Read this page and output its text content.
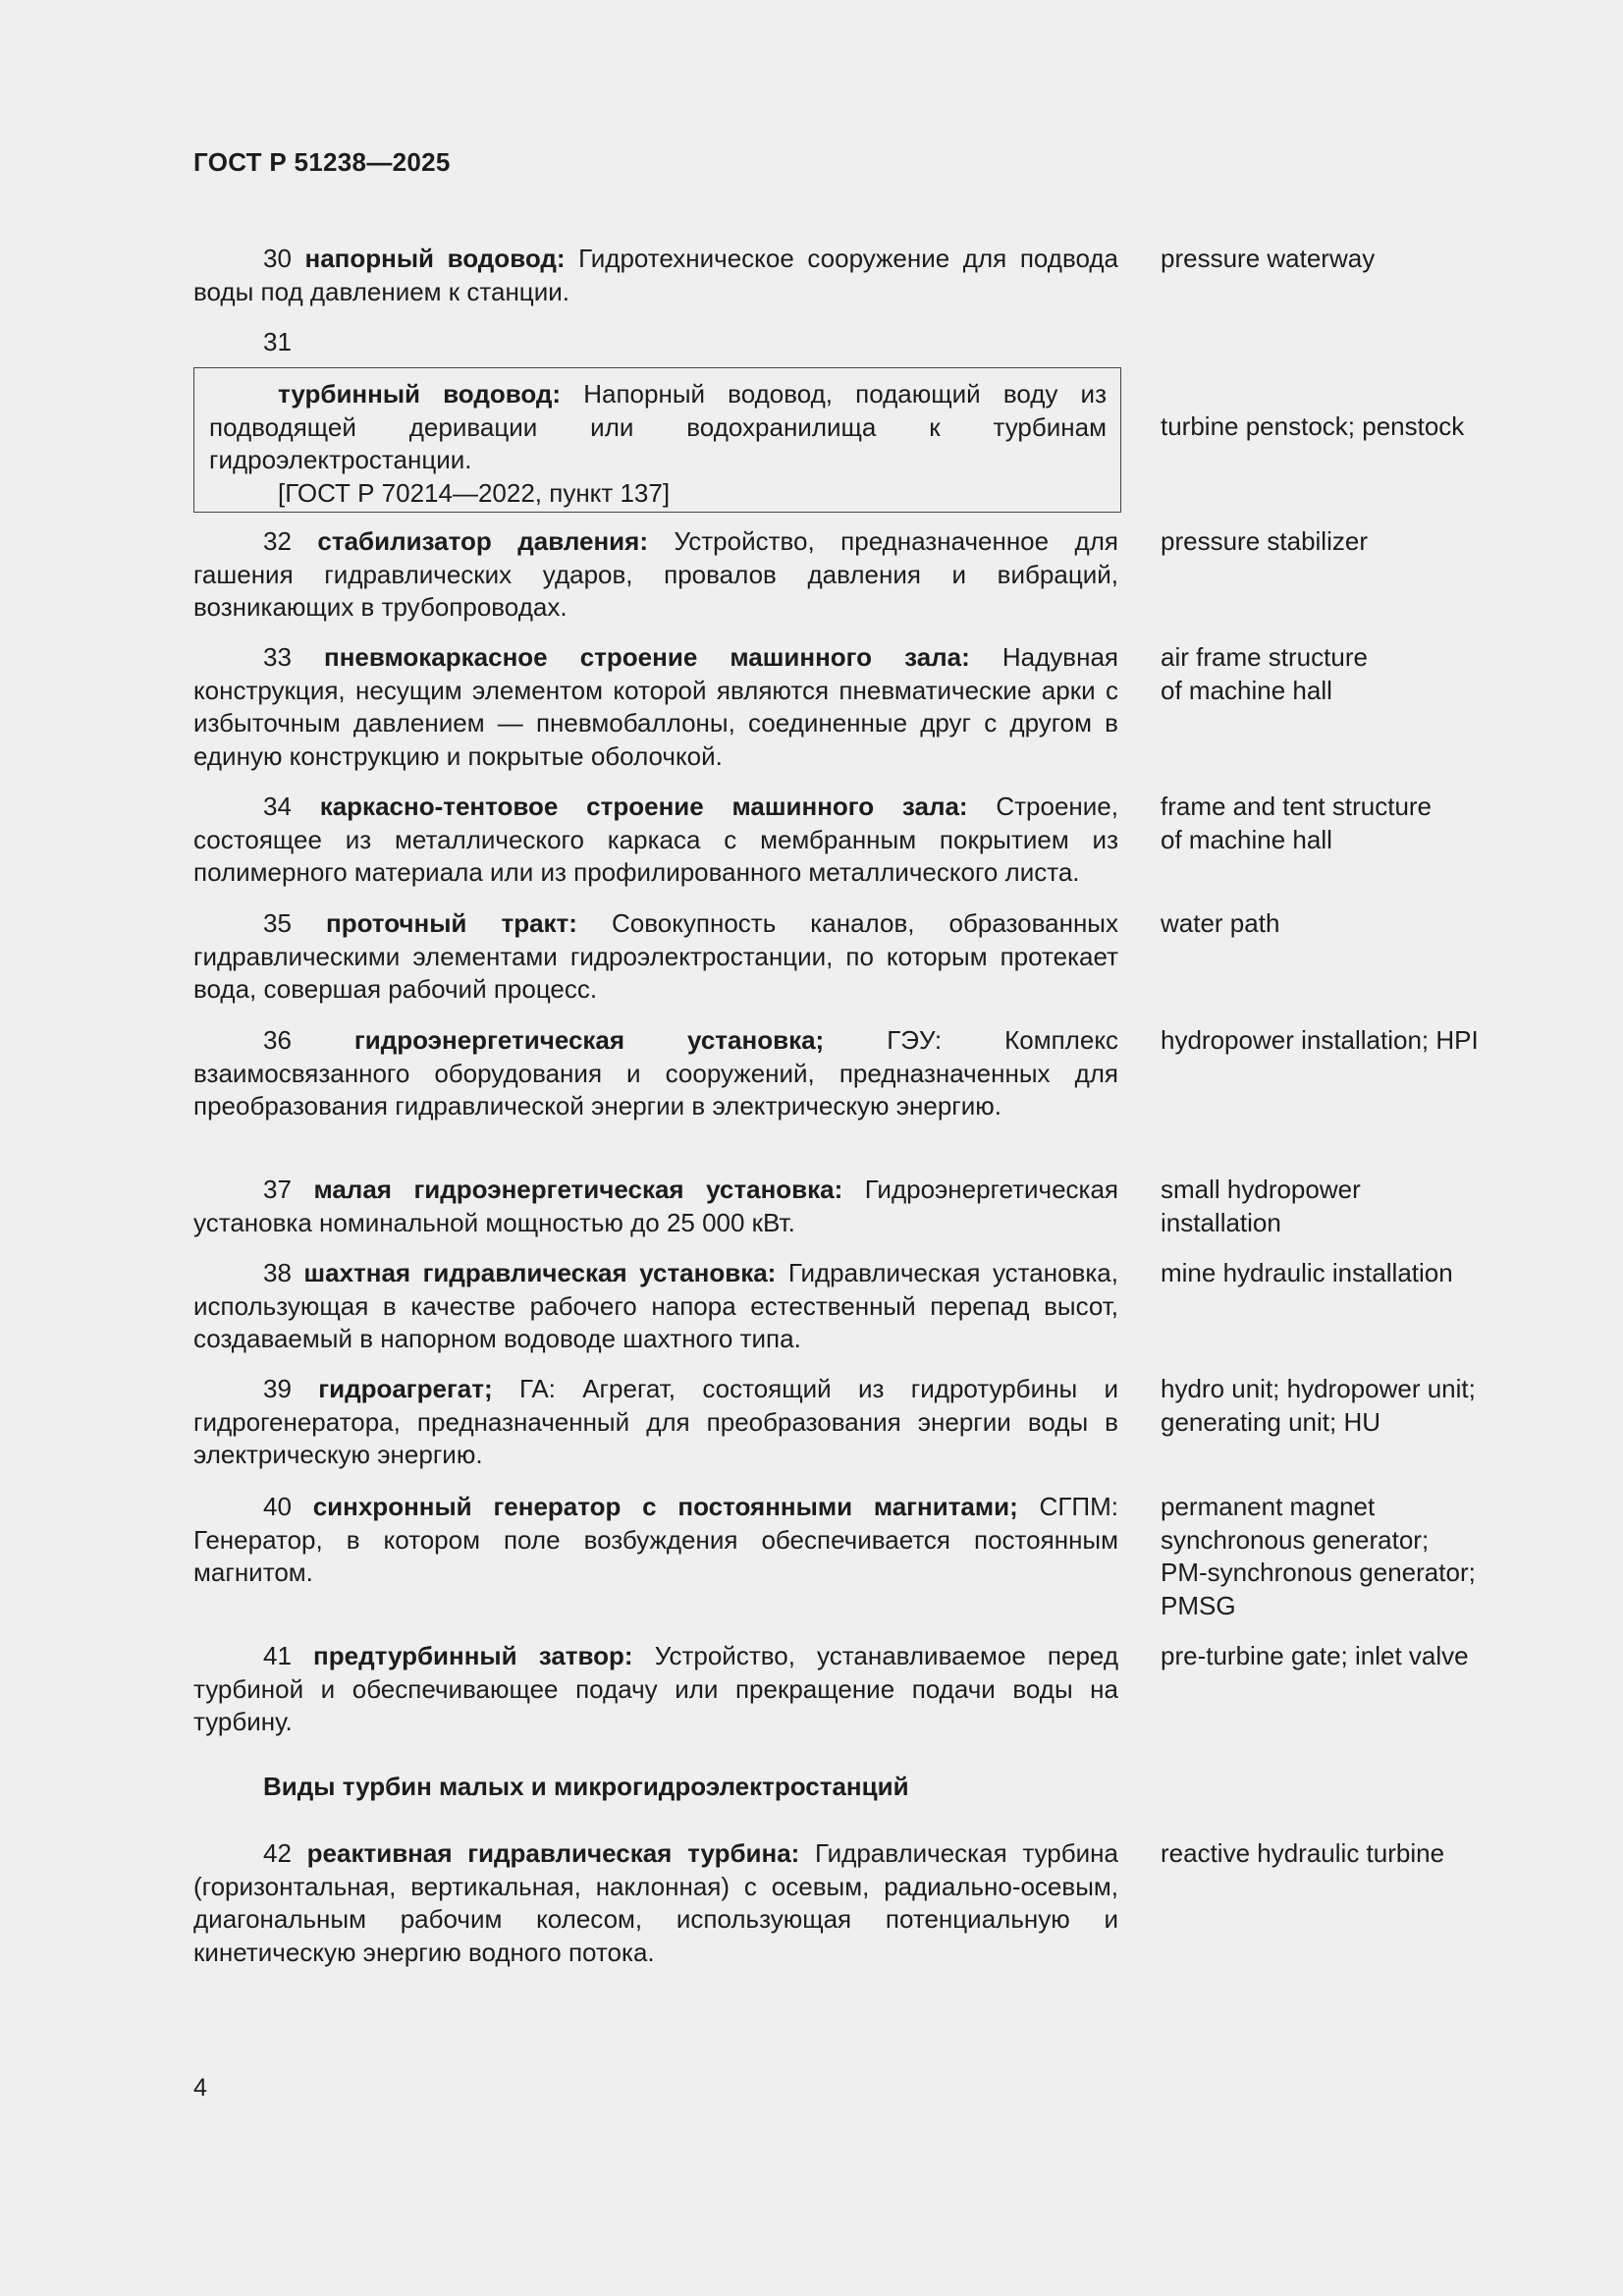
ГОСТ Р 51238—2025
30 напорный водовод: Гидротехническое сооружение для подвода воды под давлением к станции.
pressure waterway
31
турбинный водовод: Напорный водовод, подающий воду из подводящей деривации или водохранилища к турбинам гидроэлектростанции.
[ГОСТ Р 70214—2022, пункт 137]
turbine penstock; penstock
32 стабилизатор давления: Устройство, предназначенное для гашения гидравлических ударов, провалов давления и вибраций, возникающих в трубопроводах.
pressure stabilizer
33 пневмокаркасное строение машинного зала: Надувная конструкция, несущим элементом которой являются пневматические арки с избыточным давлением — пневмобаллоны, соединенные друг с другом в единую конструкцию и покрытые оболочкой.
air frame structure
of machine hall
34 каркасно-тентовое строение машинного зала: Строение, состоящее из металлического каркаса с мембранным покрытием из полимерного материала или из профилированного металлического листа.
frame and tent structure
of machine hall
35 проточный тракт: Совокупность каналов, образованных гидравлическими элементами гидроэлектростанции, по которым протекает вода, совершая рабочий процесс.
water path
36 гидроэнергетическая установка; ГЭУ: Комплекс взаимосвязанного оборудования и сооружений, предназначенных для преобразования гидравлической энергии в электрическую энергию.
hydropower installation; HPI
37 малая гидроэнергетическая установка: Гидроэнергетическая установка номинальной мощностью до 25 000 кВт.
small hydropower
installation
38 шахтная гидравлическая установка: Гидравлическая установка, использующая в качестве рабочего напора естественный перепад высот, создаваемый в напорном водоводе шахтного типа.
mine hydraulic installation
39 гидроагрегат; ГА: Агрегат, состоящий из гидротурбины и гидрогенератора, предназначенный для преобразования энергии воды в электрическую энергию.
hydro unit; hydropower unit;
generating unit; HU
40 синхронный генератор с постоянными магнитами; СГПМ: Генератор, в котором поле возбуждения обеспечивается постоянным магнитом.
permanent magnet
synchronous generator;
PM-synchronous generator;
PMSG
41 предтурбинный затвор: Устройство, устанавливаемое перед турбиной и обеспечивающее подачу или прекращение подачи воды на турбину.
pre-turbine gate; inlet valve
Виды турбин малых и микрогидроэлектростанций
42 реактивная гидравлическая турбина: Гидравлическая турбина (горизонтальная, вертикальная, наклонная) с осевым, радиально-осевым, диагональным рабочим колесом, использующая потенциальную и кинетическую энергию водного потока.
reactive hydraulic turbine
4
